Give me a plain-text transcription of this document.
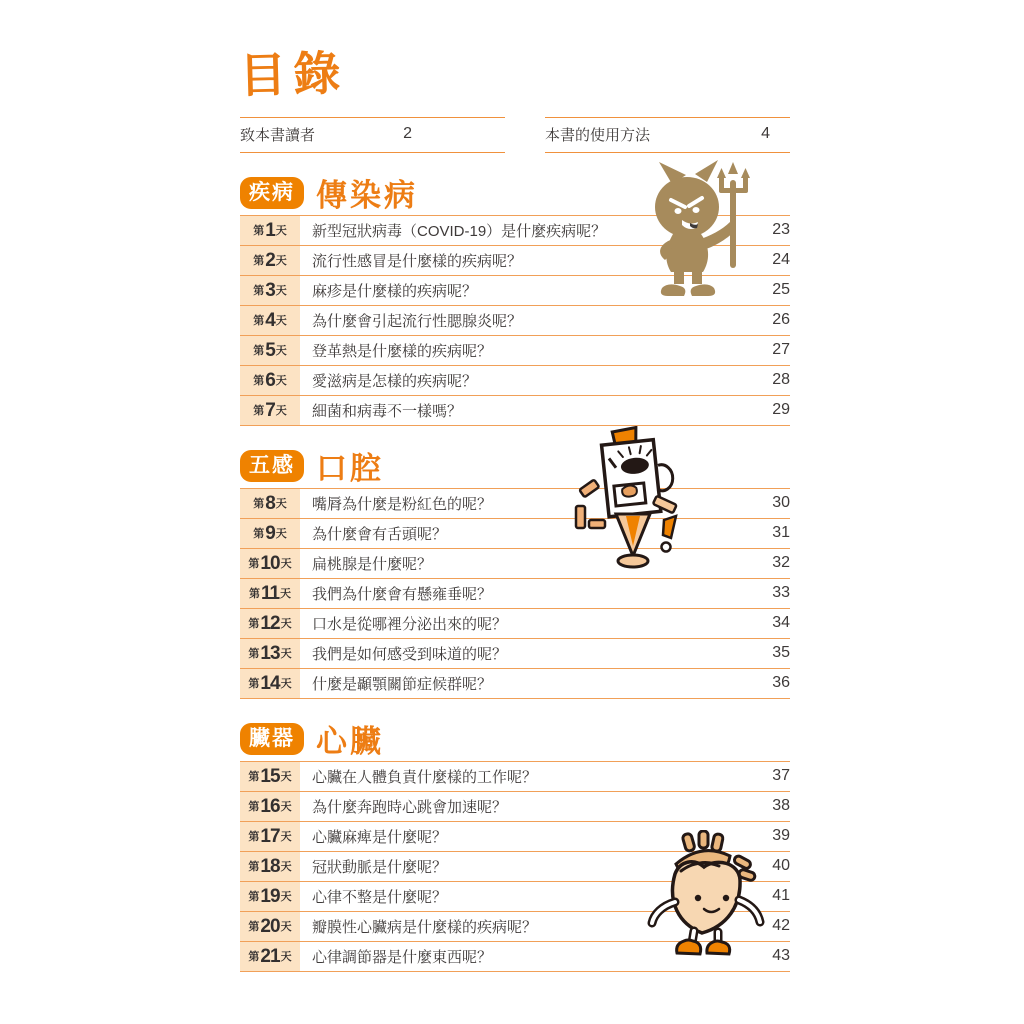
目錄
致本書讀者	2	本書的使用方法	4
疾病 傳染病
第 1 天	新型冠狀病毒（COVID-19）是什麼疾病呢？	23
第 2 天	流行性感冒是什麼樣的疾病呢？	24
第 3 天	麻疹是什麼樣的疾病呢？	25
第 4 天	為什麼會引起流行性腮腺炎呢？	26
第 5 天	登革熱是什麼樣的疾病呢？	27
第 6 天	愛滋病是怎樣的疾病呢？	28
第 7 天	細菌和病毒不一樣嗎？	29
五感 口腔
第 8 天	嘴脣為什麼是粉紅色的呢？	30
第 9 天	為什麼會有舌頭呢？	31
第 10 天	扁桃腺是什麼呢？	32
第 11 天	我們為什麼會有懸雍垂呢？	33
第 12 天	口水是從哪裡分泌出來的呢？	34
第 13 天	我們是如何感受到味道的呢？	35
第 14 天	什麼是顳顎關節症候群呢？	36
臟器 心臟
第 15 天	心臟在人體負責什麼樣的工作呢？	37
第 16 天	為什麼奔跑時心跳會加速呢？	38
第 17 天	心臟麻痺是什麼呢？	39
第 18 天	冠狀動脈是什麼呢？	40
第 19 天	心律不整是什麼呢？	41
第 20 天	瓣膜性心臟病是什麼樣的疾病呢？	42
第 21 天	心律調節器是什麼東西呢？	43
